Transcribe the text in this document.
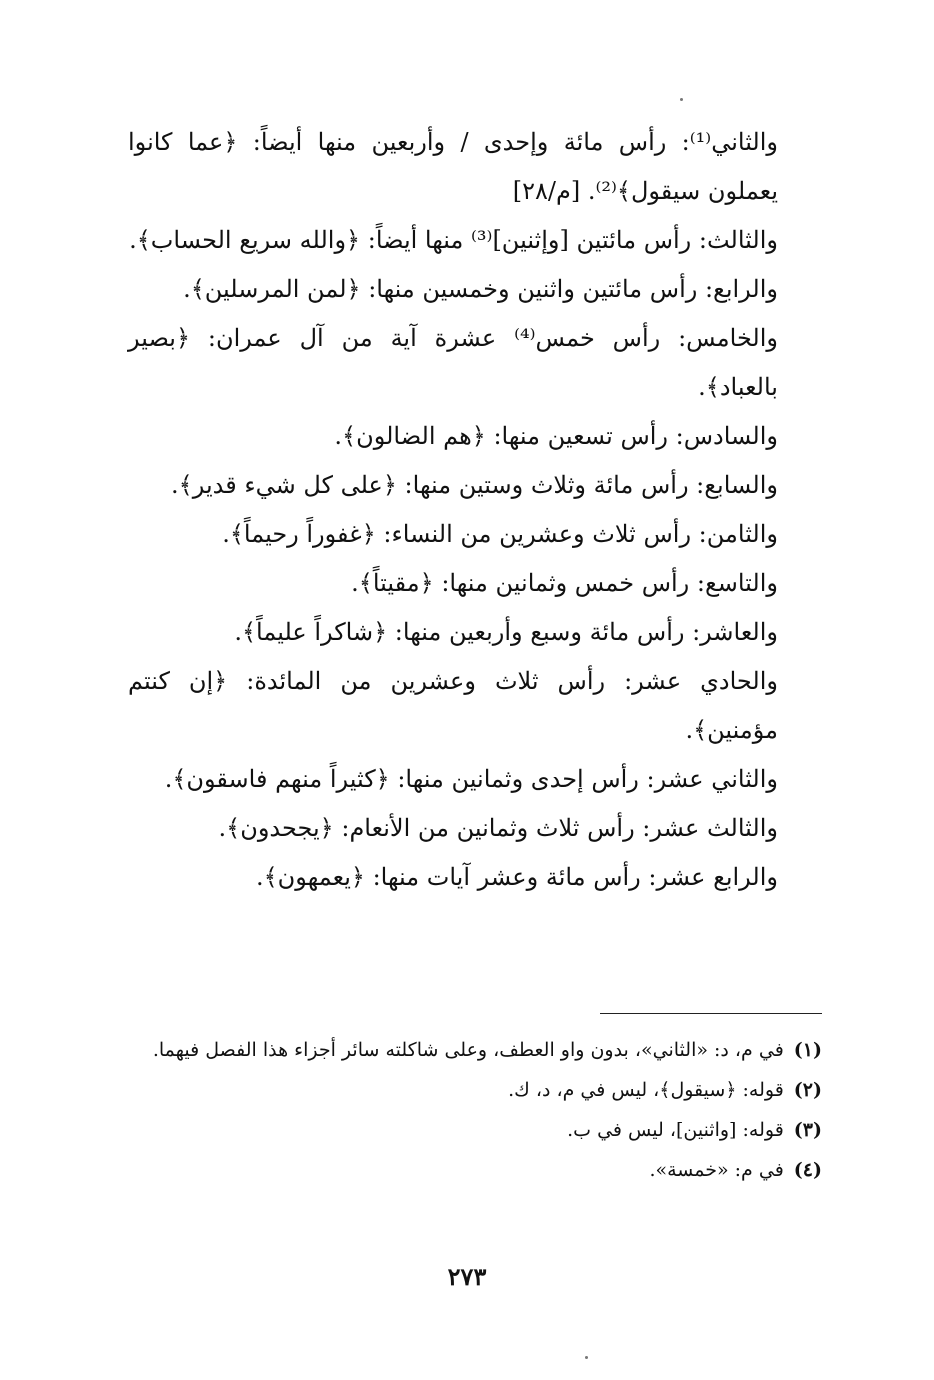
والثاني⁽¹⁾: رأس مائة وإحدى / وأربعين منها أيضاً: ﴿عما كانوا يعملون سيقول﴾⁽²⁾. [م/٢٨]

والثالث: رأس مائتين [وإثنين]⁽³⁾ منها أيضاً: ﴿والله سريع الحساب﴾.

والرابع: رأس مائتين واثنين وخمسين منها: ﴿لمن المرسلين﴾.

والخامس: رأس خمس⁽⁴⁾ عشرة آية من آل عمران: ﴿بصير بالعباد﴾.

والسادس: رأس تسعين منها: ﴿هم الضالون﴾.

والسابع: رأس مائة وثلاث وستين منها: ﴿على كل شيء قدير﴾.

والثامن: رأس ثلاث وعشرين من النساء: ﴿غفوراً رحيماً﴾.

والتاسع: رأس خمس وثمانين منها: ﴿مقيتاً﴾.

والعاشر: رأس مائة وسبع وأربعين منها: ﴿شاكراً عليماً﴾.

والحادي عشر: رأس ثلاث وعشرين من المائدة: ﴿إن كنتم مؤمنين﴾.

والثاني عشر: رأس إحدى وثمانين منها: ﴿كثيراً منهم فاسقون﴾.

والثالث عشر: رأس ثلاث وثمانين من الأنعام: ﴿يجحدون﴾.

والرابع عشر: رأس مائة وعشر آيات منها: ﴿يعمهون﴾.

(١)في م، د: «الثاني»، بدون واو العطف، وعلى شاكلته سائر أجزاء هذا الفصل فيهما.

(٢)قوله: ﴿سيقول﴾، ليس في م، د، ك.

(٣)قوله: [واثنين]، ليس في ب.

(٤)في م: «خمسة».

٢٧٣
